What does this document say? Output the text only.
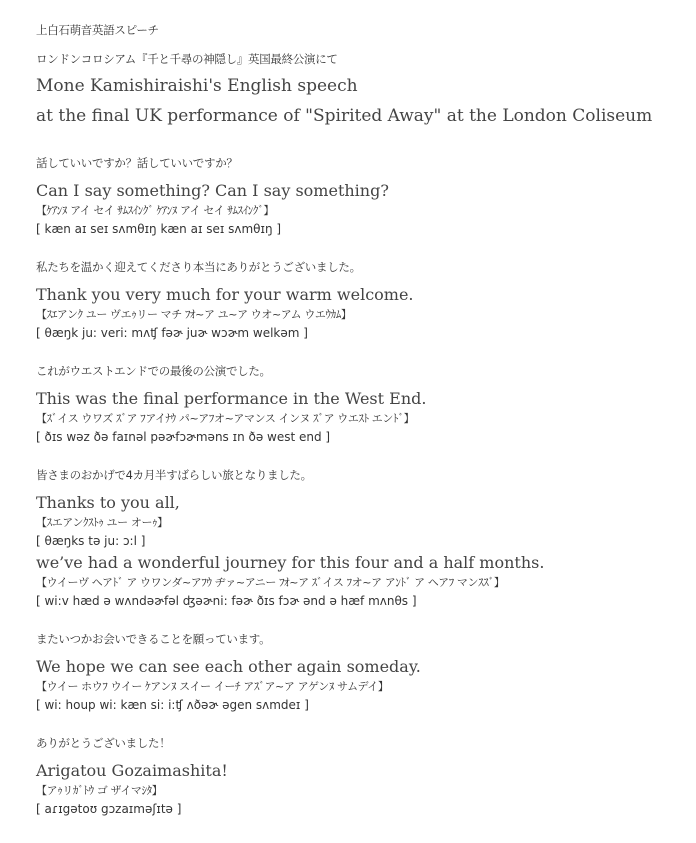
上白石萌音英語スピーチ
ロンドンコロシアム『千と千尋の神隠し』英国最終公演にて
Mone Kamishiraishi's English speech
at the final UK performance of "Spirited Away" at the London Coliseum
話していいですか？話していいですか？
Can I say something? Can I say something?
【ｹｱﾝﾇ アイ セイ ｻﾑｽｲﾝｸﾞ ｹｱﾝﾇ アイ セイ ｻﾑｽｲﾝｸﾞ】
[ kæn aɪ seɪ sʌmθɪŋ kæn aɪ seɪ sʌmθɪŋ ]
私たちを温かく迎えてくださり本当にありがとうございました。
Thank you very much for your warm welcome.
【ｽｴアンｸ ユー ヴエｩリー マチ ﾌｵ~ア ユ~ア ウオ~アム ウエｳｶﾑ】
[ θæŋk ju: veri: mʌʧ fəɚ juɚ wɔɚm welkəm ]
これがウエストエンドでの最後の公演でした。
This was the final performance in the West End.
【ｽﾞイス ウワズ ｽﾞア ﾌアイﾅｳ パ~アﾌオ~アマンス インヌ ｽﾞア ウエｽﾄ エンﾄﾞ】
[ ðɪs wəz ðə faɪnəl pəɚfɔɚməns ɪn ðə west end ]
皆さまのおかげで4カ月半すばらしい旅となりました。
Thanks to you all,
【ｽエアンｸｽﾄｩ ユー オーｩ】
[ θæŋks tə ju: ɔ:l ]
we’ve had a wonderful journey for this four and a half months.
【ウイーヴ ヘアﾄﾞ ア ウワンダ~アﾌｳ ヂァ~アニー ﾌｵ~ア ｽﾞイス ﾌオ~ア アﾝﾄﾞ ア ヘアﾌ マンｽｽﾞ】
[ wi:v hæd ə wʌndəɚfəl ʤəɚni: fəɚ ðɪs fɔɚ ənd ə hæf mʌnθs ]
またいつかお会いできることを願っています。
We hope we can see each other again someday.
【ウイー ホウﾌ ウイー ｹアンﾇ スイー イーﾁ アｽﾞア~ア アゲンﾇ サムデイ】
[ wi: houp wi: kæn si: i:ʧ ʌðəɚ əgen sʌmdeɪ ]
ありがとうございました！
Arigatou Gozaimashita!
【アｩリｶﾞﾄｳ ゴ ザイマｼﾀ】
[ aɾɪgətoʊ gɔzaɪməʃɪtə ]
